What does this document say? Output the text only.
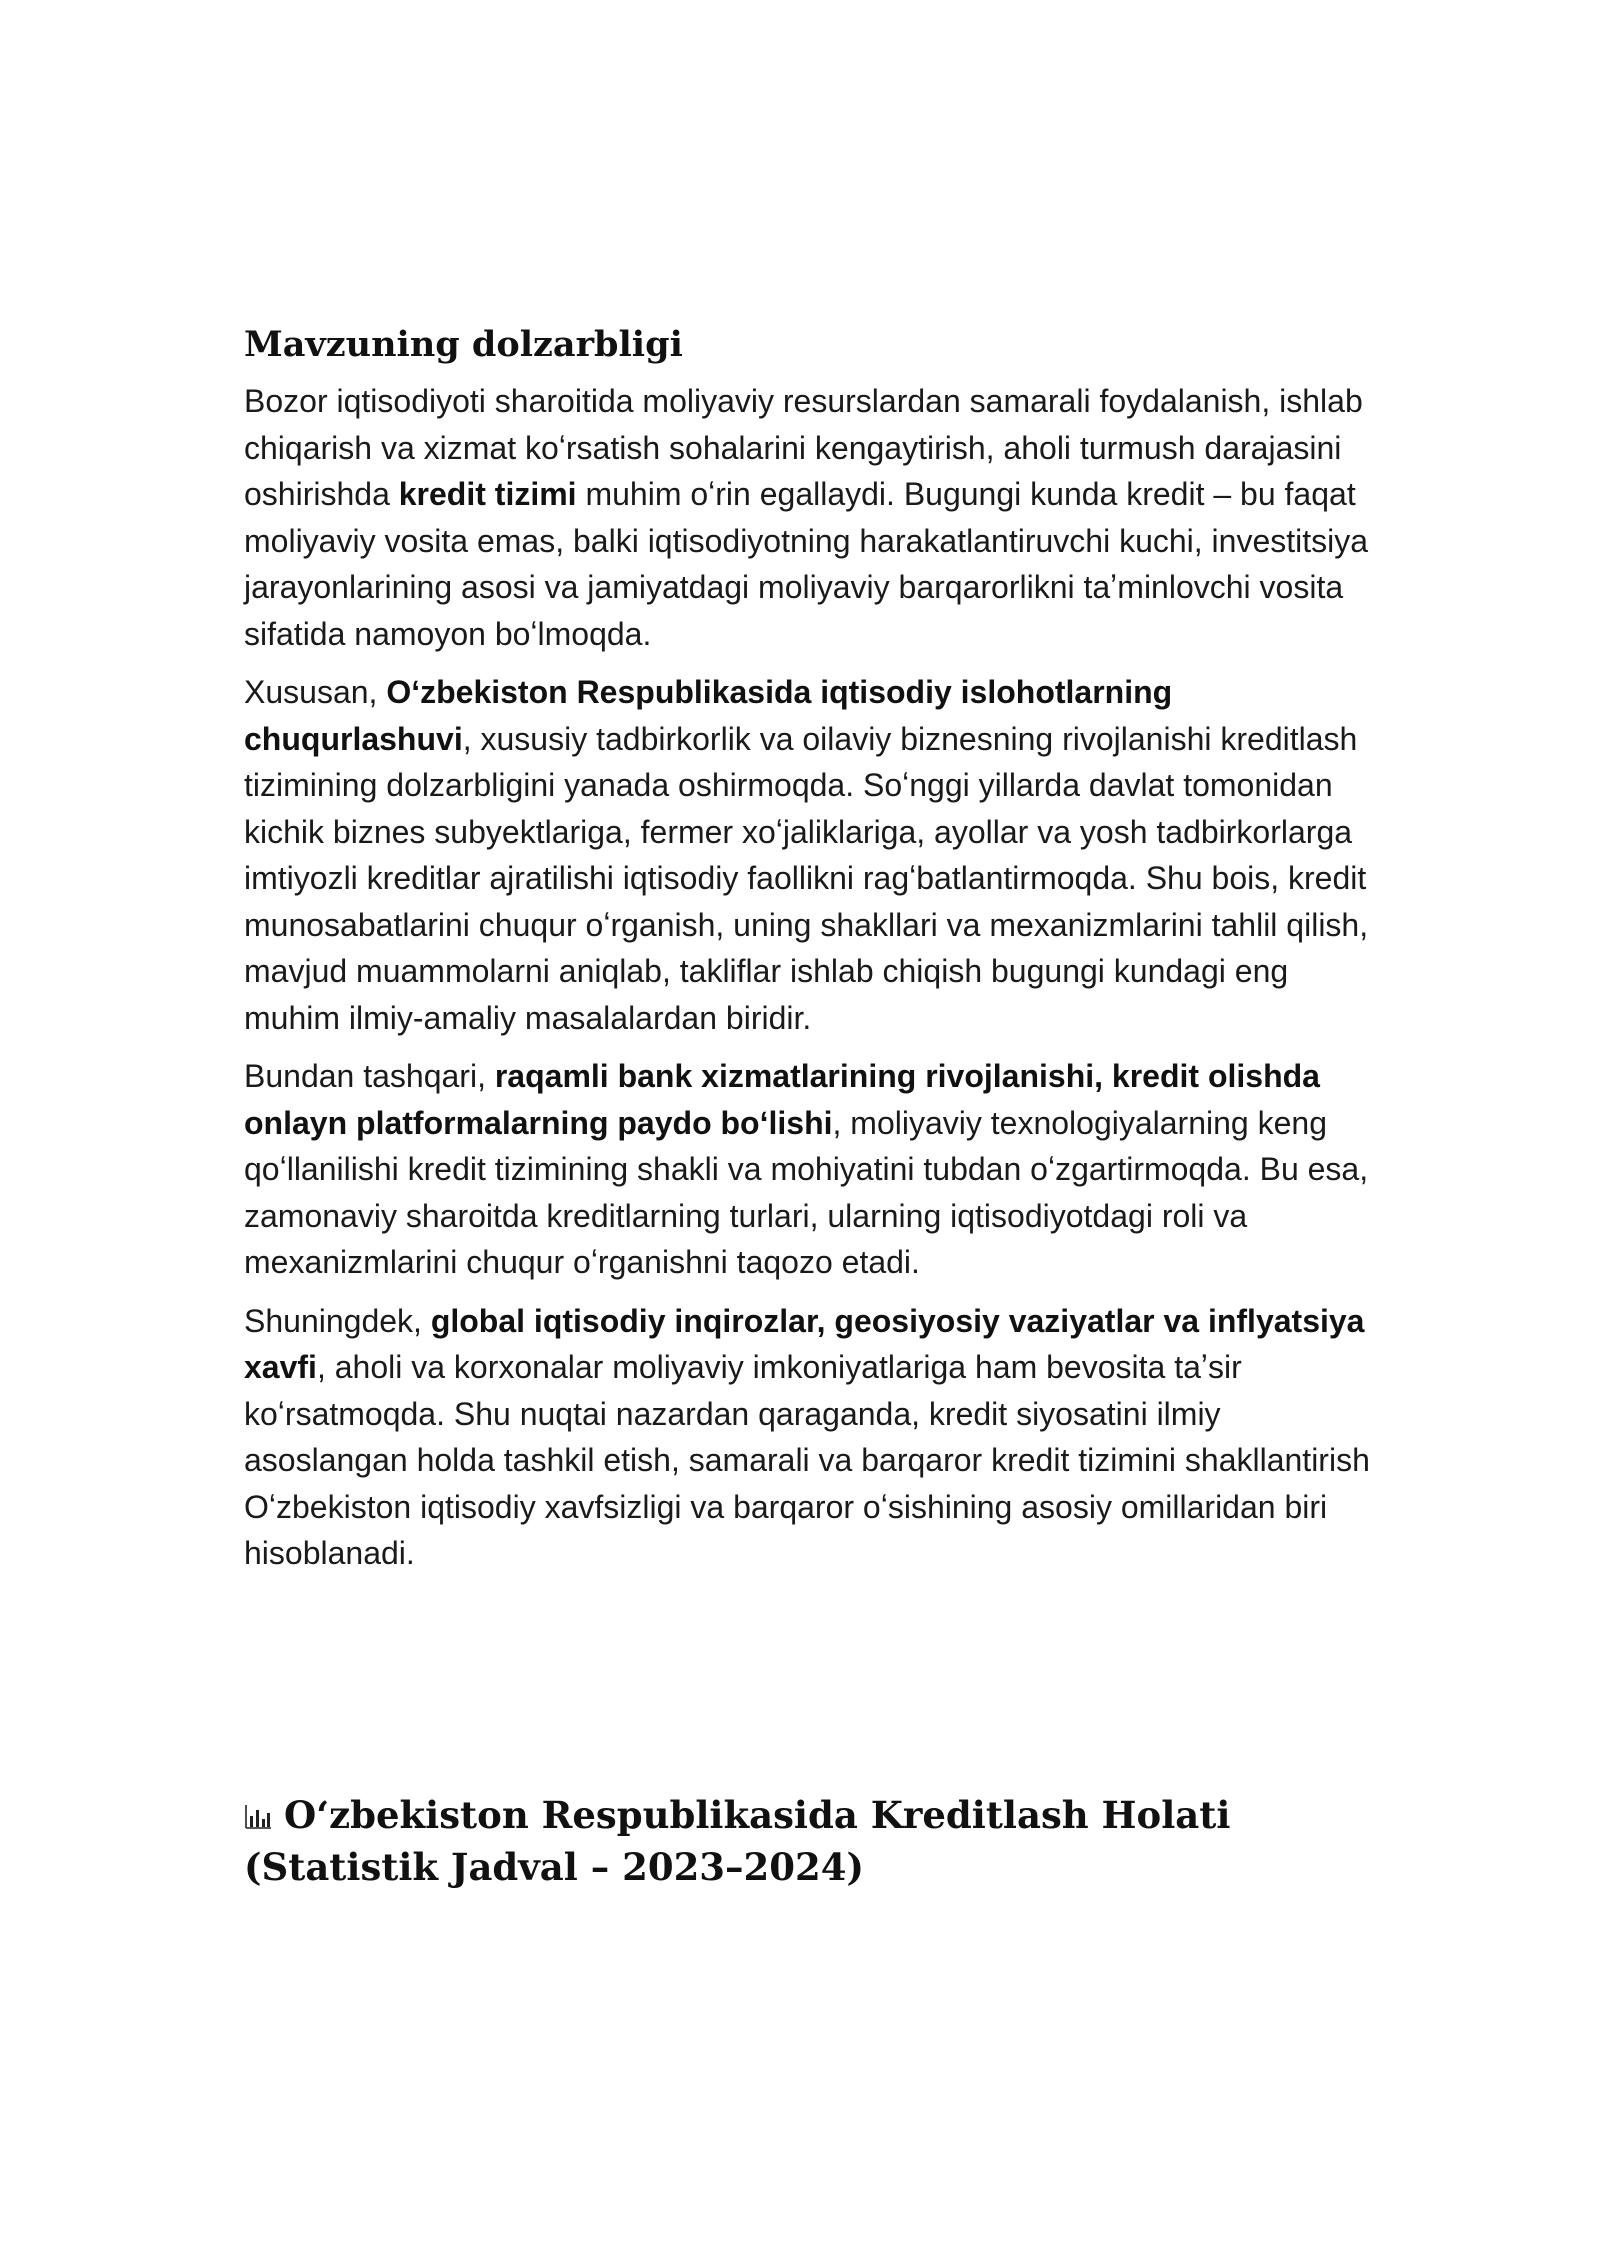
Mavzuning dolzarbligi

Bozor iqtisodiyoti sharoitida moliyaviy resurslardan samarali foydalanish, ishlab chiqarish va xizmat koʻrsatish sohalarini kengaytirish, aholi turmush darajasini oshirishda kredit tizimi muhim oʻrin egallaydi. Bugungi kunda kredit – bu faqat moliyaviy vosita emas, balki iqtisodiyotning harakatlantiruvchi kuchi, investitsiya jarayonlarining asosi va jamiyatdagi moliyaviy barqarorlikni taʼminlovchi vosita sifatida namoyon boʻlmoqda.

Xususan, Oʻzbekiston Respublikasida iqtisodiy islohotlarning chuqurlashuvi, xususiy tadbirkorlik va oilaviy biznesning rivojlanishi kreditlash tizimining dolzarbligini yanada oshirmoqda. Soʻnggi yillarda davlat tomonidan kichik biznes subyektlariga, fermer xoʻjaliklariga, ayollar va yosh tadbirkorlarga imtiyozli kreditlar ajratilishi iqtisodiy faollikni ragʻbatlantirmoqda. Shu bois, kredit munosabatlarini chuqur oʻrganish, uning shakllari va mexanizmlarini tahlil qilish, mavjud muammolarni aniqlab, takliflar ishlab chiqish bugungi kundagi eng muhim ilmiy-amaliy masalalardan biridir.

Bundan tashqari, raqamli bank xizmatlarining rivojlanishi, kredit olishda onlayn platformalarning paydo boʻlishi, moliyaviy texnologiyalarning keng qoʻllanilishi kredit tizimining shakli va mohiyatini tubdan oʻzgartirmoqda. Bu esa, zamonaviy sharoitda kreditlarning turlari, ularning iqtisodiyotdagi roli va mexanizmlarini chuqur oʻrganishni taqozo etadi.

Shuningdek, global iqtisodiy inqirozlar, geosiyosiy vaziyatlar va inflyatsiya xavfi, aholi va korxonalar moliyaviy imkoniyatlariga ham bevosita taʼsir koʻrsatmoqda. Shu nuqtai nazardan qaraganda, kredit siyosatini ilmiy asoslangan holda tashkil etish, samarali va barqaror kredit tizimini shakllantirish Oʻzbekiston iqtisodiy xavfsizligi va barqaror oʻsishining asosiy omillaridan biri hisoblanadi.

Oʻzbekiston Respublikasida Kreditlash Holati (Statistik Jadval – 2023–2024)
